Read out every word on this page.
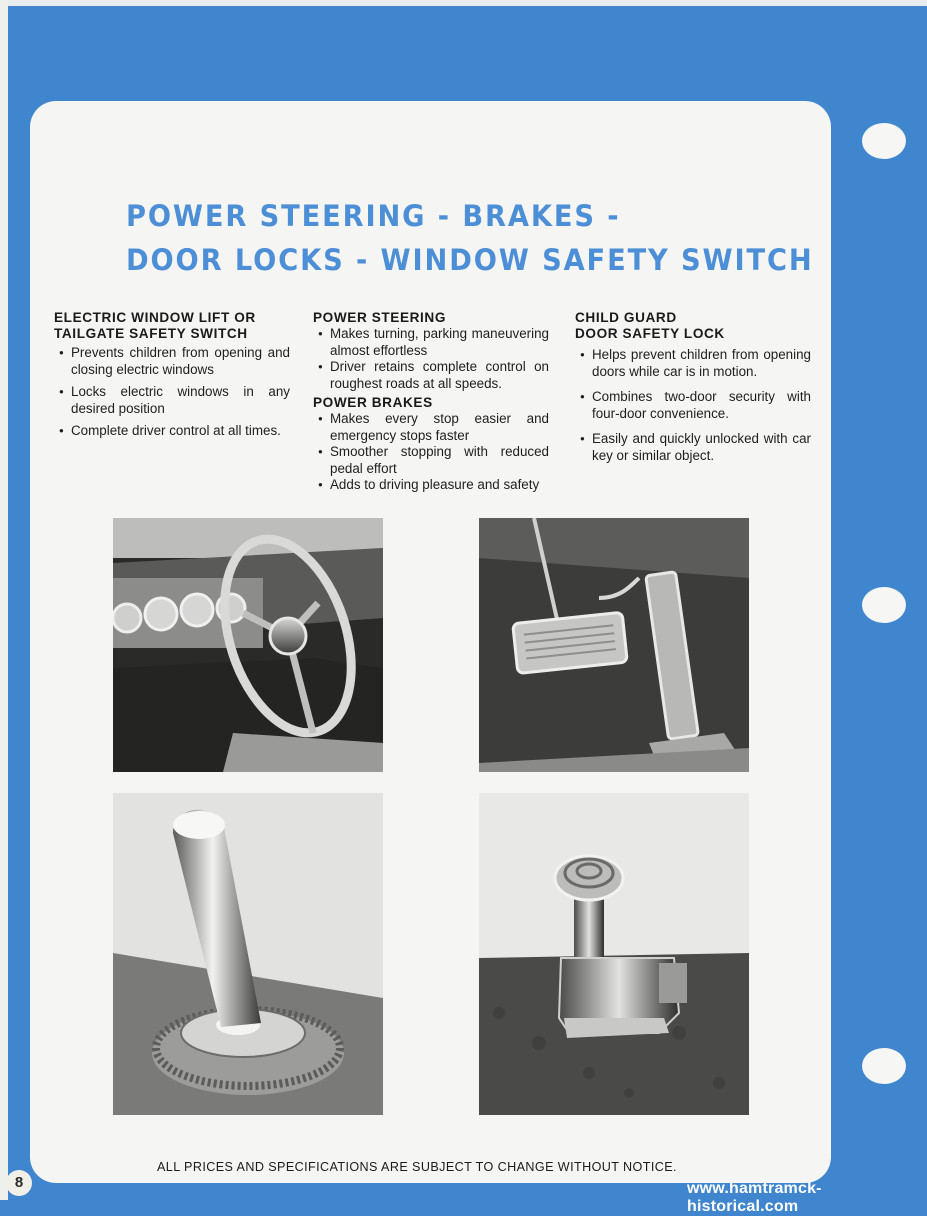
POWER STEERING - BRAKES -
DOOR LOCKS - WINDOW SAFETY SWITCH
ELECTRIC WINDOW LIFT OR
TAILGATE SAFETY SWITCH
● Prevents children from opening and closing electric windows
● Locks electric windows in any desired position
● Complete driver control at all times.
POWER STEERING
● Makes turning, parking maneuvering almost effortless
● Driver retains complete control on roughest roads at all speeds.
POWER BRAKES
● Makes every stop easier and emergency stops faster
● Smoother stopping with reduced pedal effort
● Adds to driving pleasure and safety
CHILD GUARD
DOOR SAFETY LOCK
● Helps prevent children from opening doors while car is in motion.
● Combines two-door security with four-door convenience.
● Easily and quickly unlocked with car key or similar object.

ALL PRICES AND SPECIFICATIONS ARE SUBJECT TO CHANGE WITHOUT NOTICE.

8	www.hamtramck-historical.com
